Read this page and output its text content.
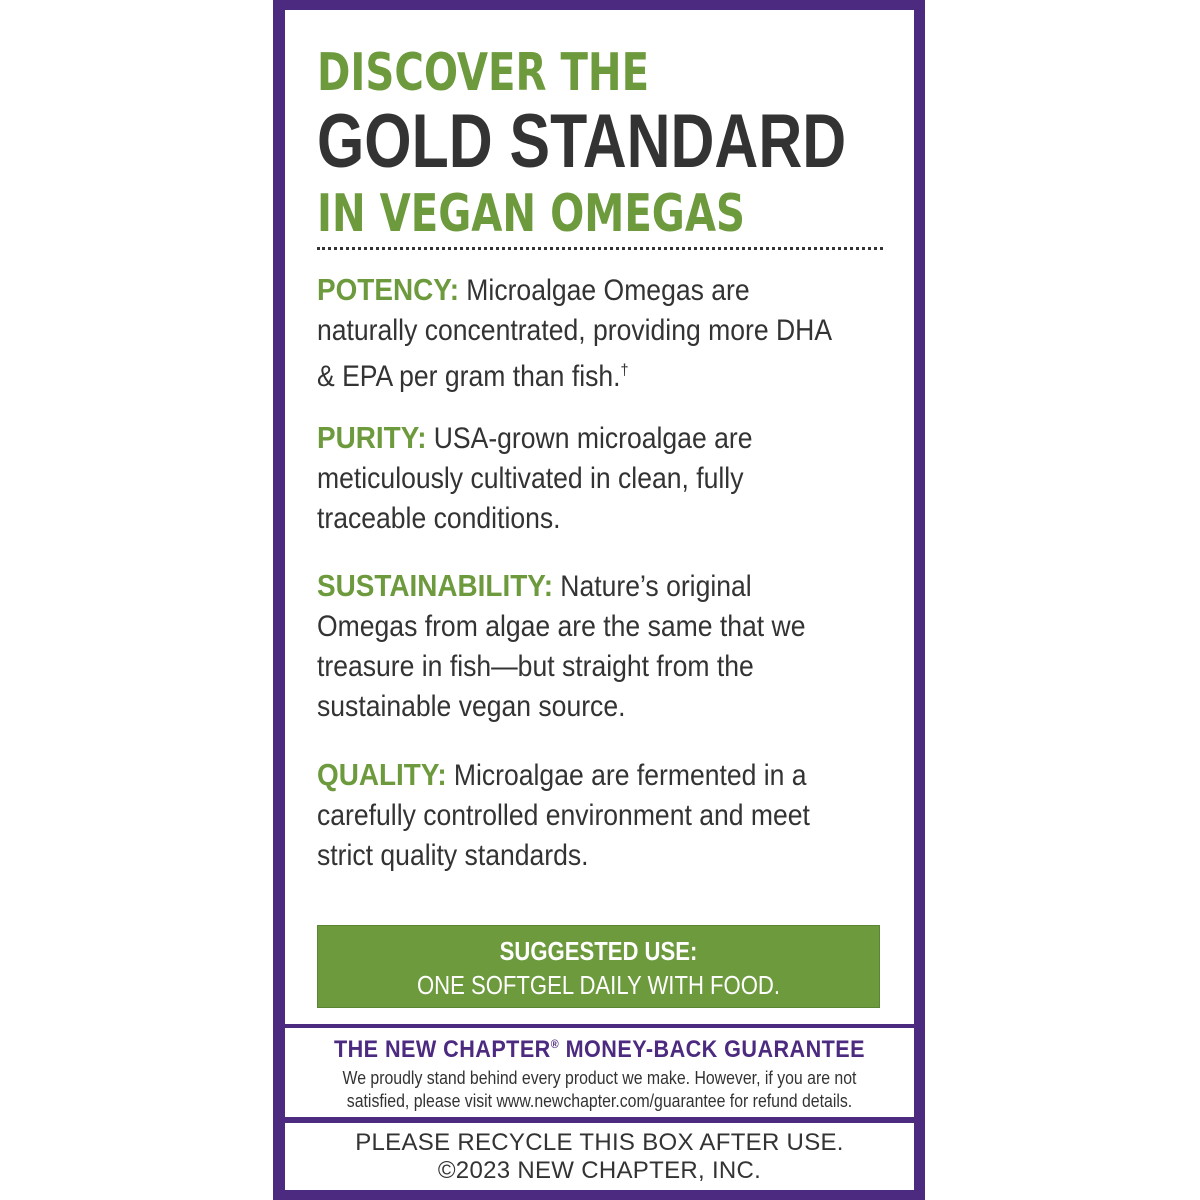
DISCOVER THE
GOLD STANDARD
IN VEGAN OMEGAS
POTENCY: Microalgae Omegas are naturally concentrated, providing more DHA & EPA per gram than fish.†
PURITY: USA-grown microalgae are meticulously cultivated in clean, fully traceable conditions.
SUSTAINABILITY: Nature’s original Omegas from algae are the same that we treasure in fish—but straight from the sustainable vegan source.
QUALITY: Microalgae are fermented in a carefully controlled environment and meet strict quality standards.
SUGGESTED USE:
ONE SOFTGEL DAILY WITH FOOD.
THE NEW CHAPTER® MONEY-BACK GUARANTEE
We proudly stand behind every product we make. However, if you are not
satisfied, please visit www.newchapter.com/guarantee for refund details.
PLEASE RECYCLE THIS BOX AFTER USE.
©2023 NEW CHAPTER, INC.
